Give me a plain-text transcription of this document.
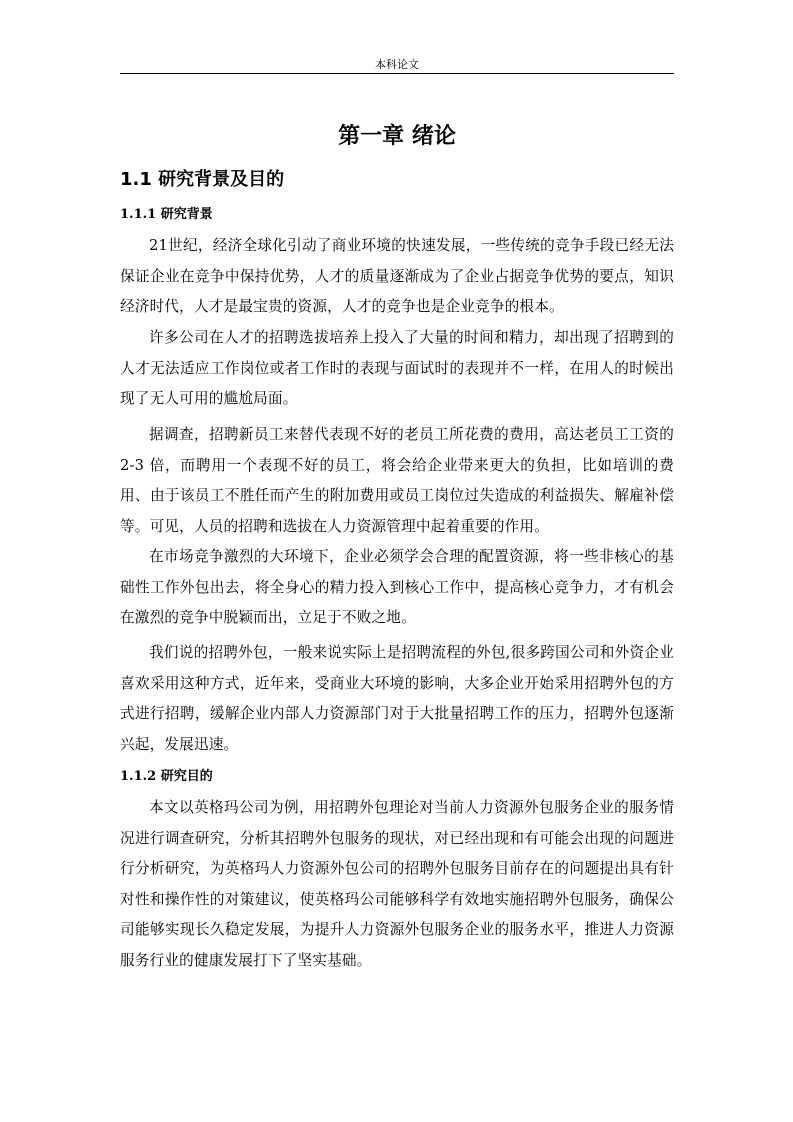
本科论文
第一章 绪论
1.1 研究背景及目的
1.1.1 研究背景

21世纪，经济全球化引动了商业环境的快速发展，一些传统的竞争手段已经无法保证企业在竞争中保持优势，人才的质量逐渐成为了企业占据竞争优势的要点，知识经济时代，人才是最宝贵的资源，人才的竞争也是企业竞争的根本。

许多公司在人才的招聘选拔培养上投入了大量的时间和精力，却出现了招聘到的人才无法适应工作岗位或者工作时的表现与面试时的表现并不一样，在用人的时候出现了无人可用的尴尬局面。

据调查，招聘新员工来替代表现不好的老员工所花费的费用，高达老员工工资的 2-3 倍，而聘用一个表现不好的员工，将会给企业带来更大的负担，比如培训的费用、由于该员工不胜任而产生的附加费用或员工岗位过失造成的利益损失、解雇补偿等。可见，人员的招聘和选拔在人力资源管理中起着重要的作用。

在市场竞争激烈的大环境下，企业必须学会合理的配置资源，将一些非核心的基础性工作外包出去，将全身心的精力投入到核心工作中，提高核心竞争力，才有机会在激烈的竞争中脱颖而出，立足于不败之地。

我们说的招聘外包，一般来说实际上是招聘流程的外包,很多跨国公司和外资企业喜欢采用这种方式，近年来，受商业大环境的影响，大多企业开始采用招聘外包的方式进行招聘，缓解企业内部人力资源部门对于大批量招聘工作的压力，招聘外包逐渐兴起，发展迅速。

1.1.2 研究目的

本文以英格玛公司为例，用招聘外包理论对当前人力资源外包服务企业的服务情况进行调查研究，分析其招聘外包服务的现状，对已经出现和有可能会出现的问题进行分析研究，为英格玛人力资源外包公司的招聘外包服务目前存在的问题提出具有针对性和操作性的对策建议，使英格玛公司能够科学有效地实施招聘外包服务，确保公司能够实现长久稳定发展，为提升人力资源外包服务企业的服务水平，推进人力资源服务行业的健康发展打下了坚实基础。
